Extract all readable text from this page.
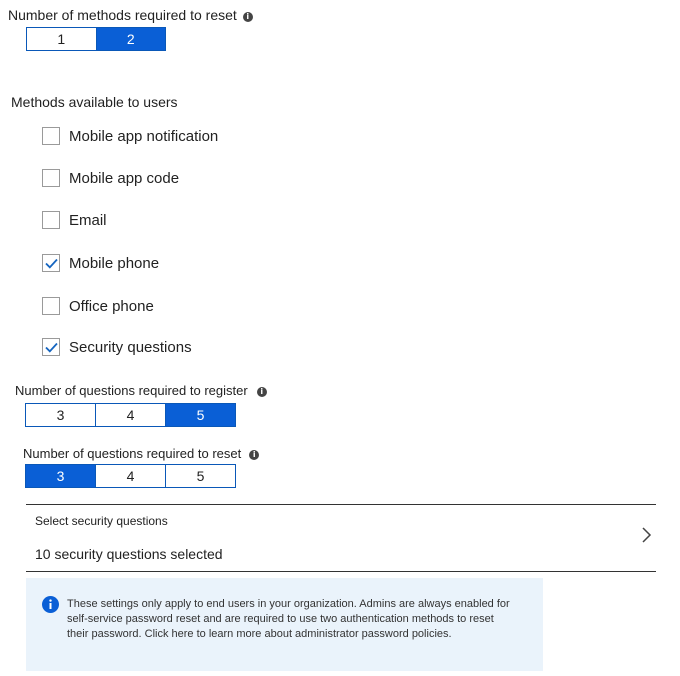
Number of methods required to reset i
1	2
Methods available to users
Mobile app notification
Mobile app code
Email
Mobile phone
Office phone
Security questions
Number of questions required to register i
3	4	5
Number of questions required to reset i
3	4	5
Select security questions
10 security questions selected
These settings only apply to end users in your organization. Admins are always enabled for self-service password reset and are required to use two authentication methods to reset their password. Click here to learn more about administrator password policies.
